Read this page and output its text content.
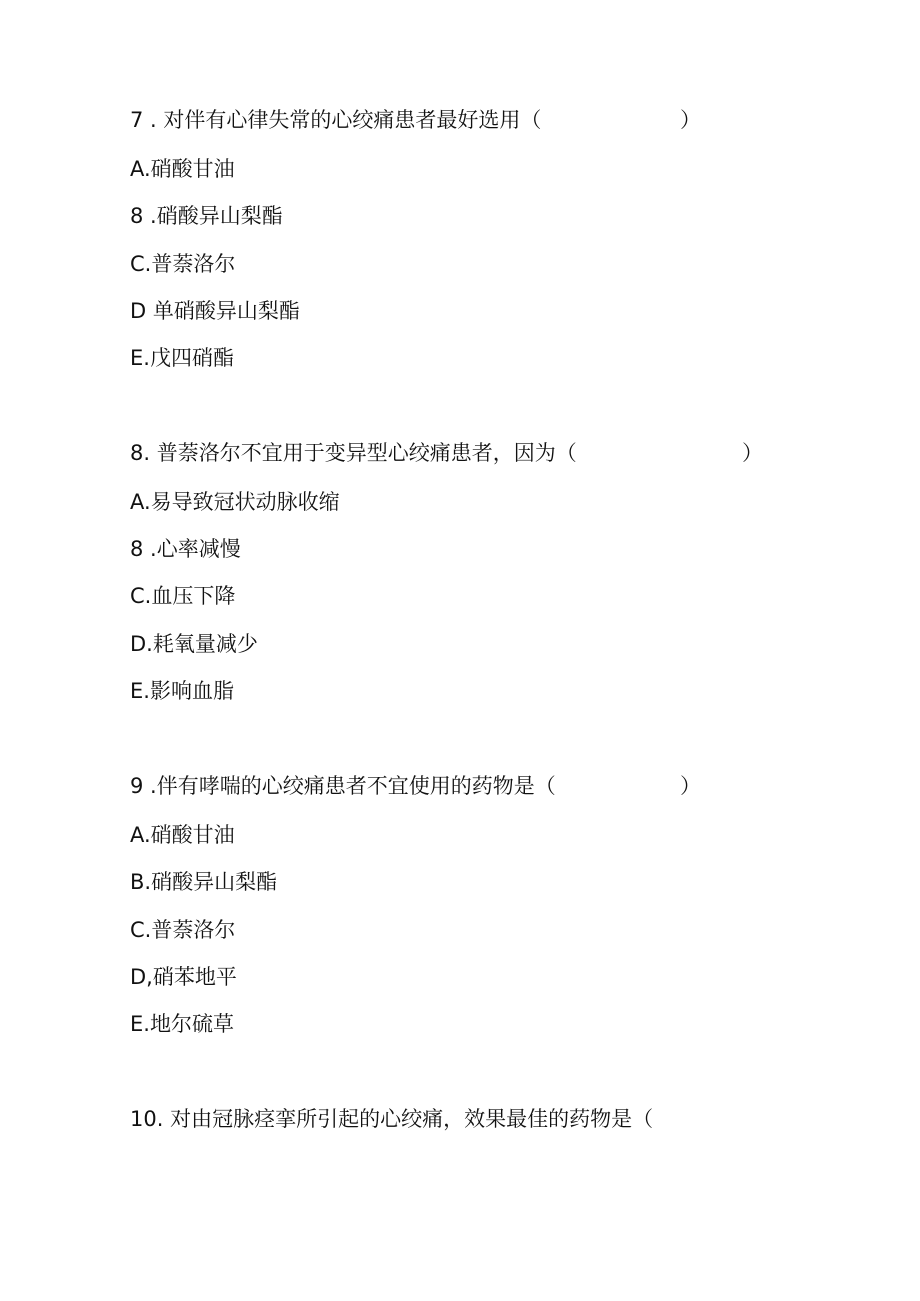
7 . 对伴有心律失常的心绞痛患者最好选用（	）
A.硝酸甘油
8 .硝酸异山梨酯
C.普萘洛尔
D 单硝酸异山梨酯
E.戊四硝酯
8. 普萘洛尔不宜用于变异型心绞痛患者，因为（	）
A.易导致冠状动脉收缩
8 .心率减慢
C.血压下降
D.耗氧量减少
E.影响血脂
9 .伴有哮喘的心绞痛患者不宜使用的药物是（	）
A.硝酸甘油
B.硝酸异山梨酯
C.普萘洛尔
D,硝苯地平
E.地尔硫草
10. 对由冠脉痉挛所引起的心绞痛，效果最佳的药物是（
